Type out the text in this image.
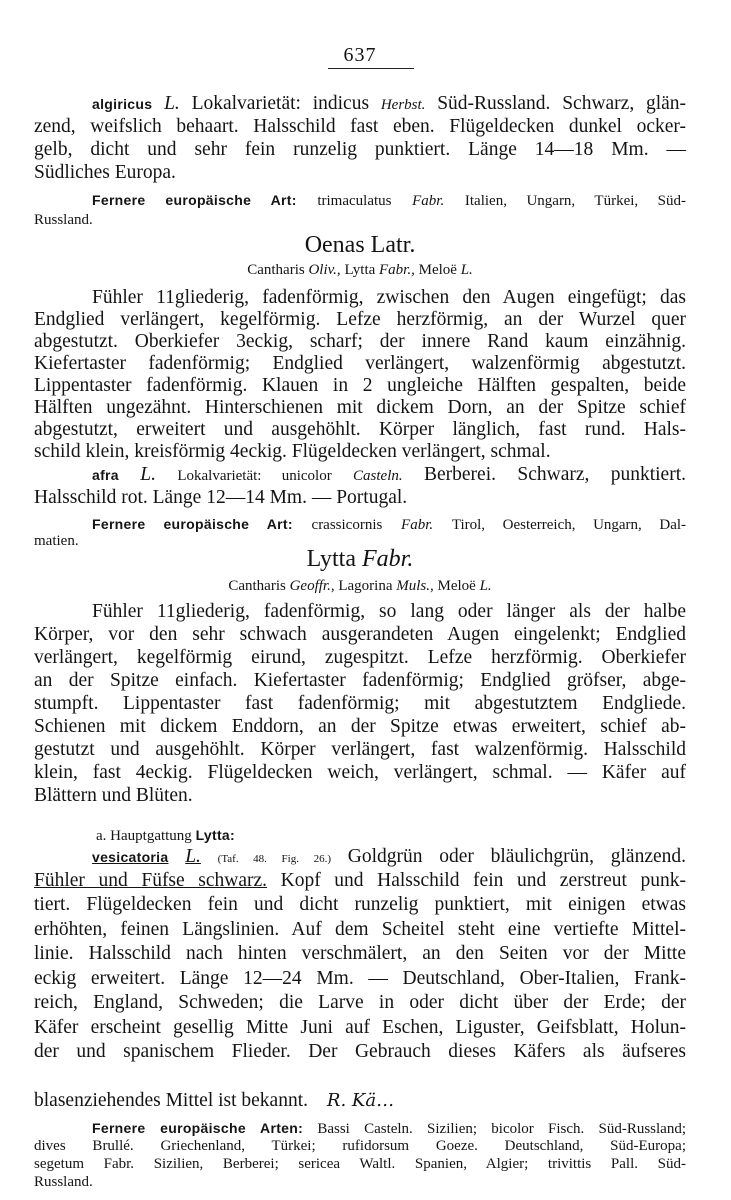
637
algiricus L. Lokalvarietät: indicus Herbst. Süd-Russland. Schwarz, glän-
zend, weifslich behaart. Halsschild fast eben. Flügeldecken dunkel ocker-
gelb, dicht und sehr fein runzelig punktiert. Länge 14—18 Mm. —
Südliches Europa.
Fernere europäische Art: trimaculatus Fabr. Italien, Ungarn, Türkei, Süd-
Russland.
Oenas Latr.
Cantharis Oliv., Lytta Fabr., Meloë L.
Fühler 11gliederig, fadenförmig, zwischen den Augen eingefügt; das
Endglied verlängert, kegelförmig. Lefze herzförmig, an der Wurzel quer
abgestutzt. Oberkiefer 3eckig, scharf; der innere Rand kaum einzähnig.
Kiefertaster fadenförmig; Endglied verlängert, walzenförmig abgestutzt.
Lippentaster fadenförmig. Klauen in 2 ungleiche Hälften gespalten, beide
Hälften ungezähnt. Hinterschienen mit dickem Dorn, an der Spitze schief
abgestutzt, erweitert und ausgehöhlt. Körper länglich, fast rund. Hals-
schild klein, kreisförmig 4eckig. Flügeldecken verlängert, schmal.
afra L. Lokalvarietät: unicolor Casteln. Berberei. Schwarz, punktiert.
Halsschild rot. Länge 12—14 Mm. — Portugal.
Fernere europäische Art: crassicornis Fabr. Tirol, Oesterreich, Ungarn, Dal-
matien.
Lytta Fabr.
Cantharis Geoffr., Lagorina Muls., Meloë L.
Fühler 11gliederig, fadenförmig, so lang oder länger als der halbe
Körper, vor den sehr schwach ausgerandeten Augen eingelenkt; Endglied
verlängert, kegelförmig eirund, zugespitzt. Lefze herzförmig. Oberkiefer
an der Spitze einfach. Kiefertaster fadenförmig; Endglied gröfser, abge-
stumpft. Lippentaster fast fadenförmig; mit abgestutztem Endgliede.
Schienen mit dickem Enddorn, an der Spitze etwas erweitert, schief ab-
gestutzt und ausgehöhlt. Körper verlängert, fast walzenförmig. Halsschild
klein, fast 4eckig. Flügeldecken weich, verlängert, schmal. — Käfer auf
Blättern und Blüten.
a. Hauptgattung Lytta:
vesicatoria L. (Taf. 48. Fig. 26.) Goldgrün oder bläulichgrün, glänzend.
Fühler und Füfse schwarz. Kopf und Halsschild fein und zerstreut punk-
tiert. Flügeldecken fein und dicht runzelig punktiert, mit einigen etwas
erhöhten, feinen Längslinien. Auf dem Scheitel steht eine vertiefte Mittel-
linie. Halsschild nach hinten verschmälert, an den Seiten vor der Mitte
eckig erweitert. Länge 12—24 Mm. — Deutschland, Ober-Italien, Frank-
reich, England, Schweden; die Larve in oder dicht über der Erde; der
Käfer erscheint gesellig Mitte Juni auf Eschen, Liguster, Geifsblatt, Holun-
der und spanischem Flieder. Der Gebrauch dieses Käfers als äufseres
blasenziehendes Mittel ist bekannt. R. Kä…
Fernere europäische Arten: Bassi Casteln. Sizilien; bicolor Fisch. Süd-Russland;
dives Brullé. Griechenland, Türkei; rufidorsum Goeze. Deutschland, Süd-Europa;
segetum Fabr. Sizilien, Berberei; sericea Waltl. Spanien, Algier; trivittis Pall. Süd-
Russland.
